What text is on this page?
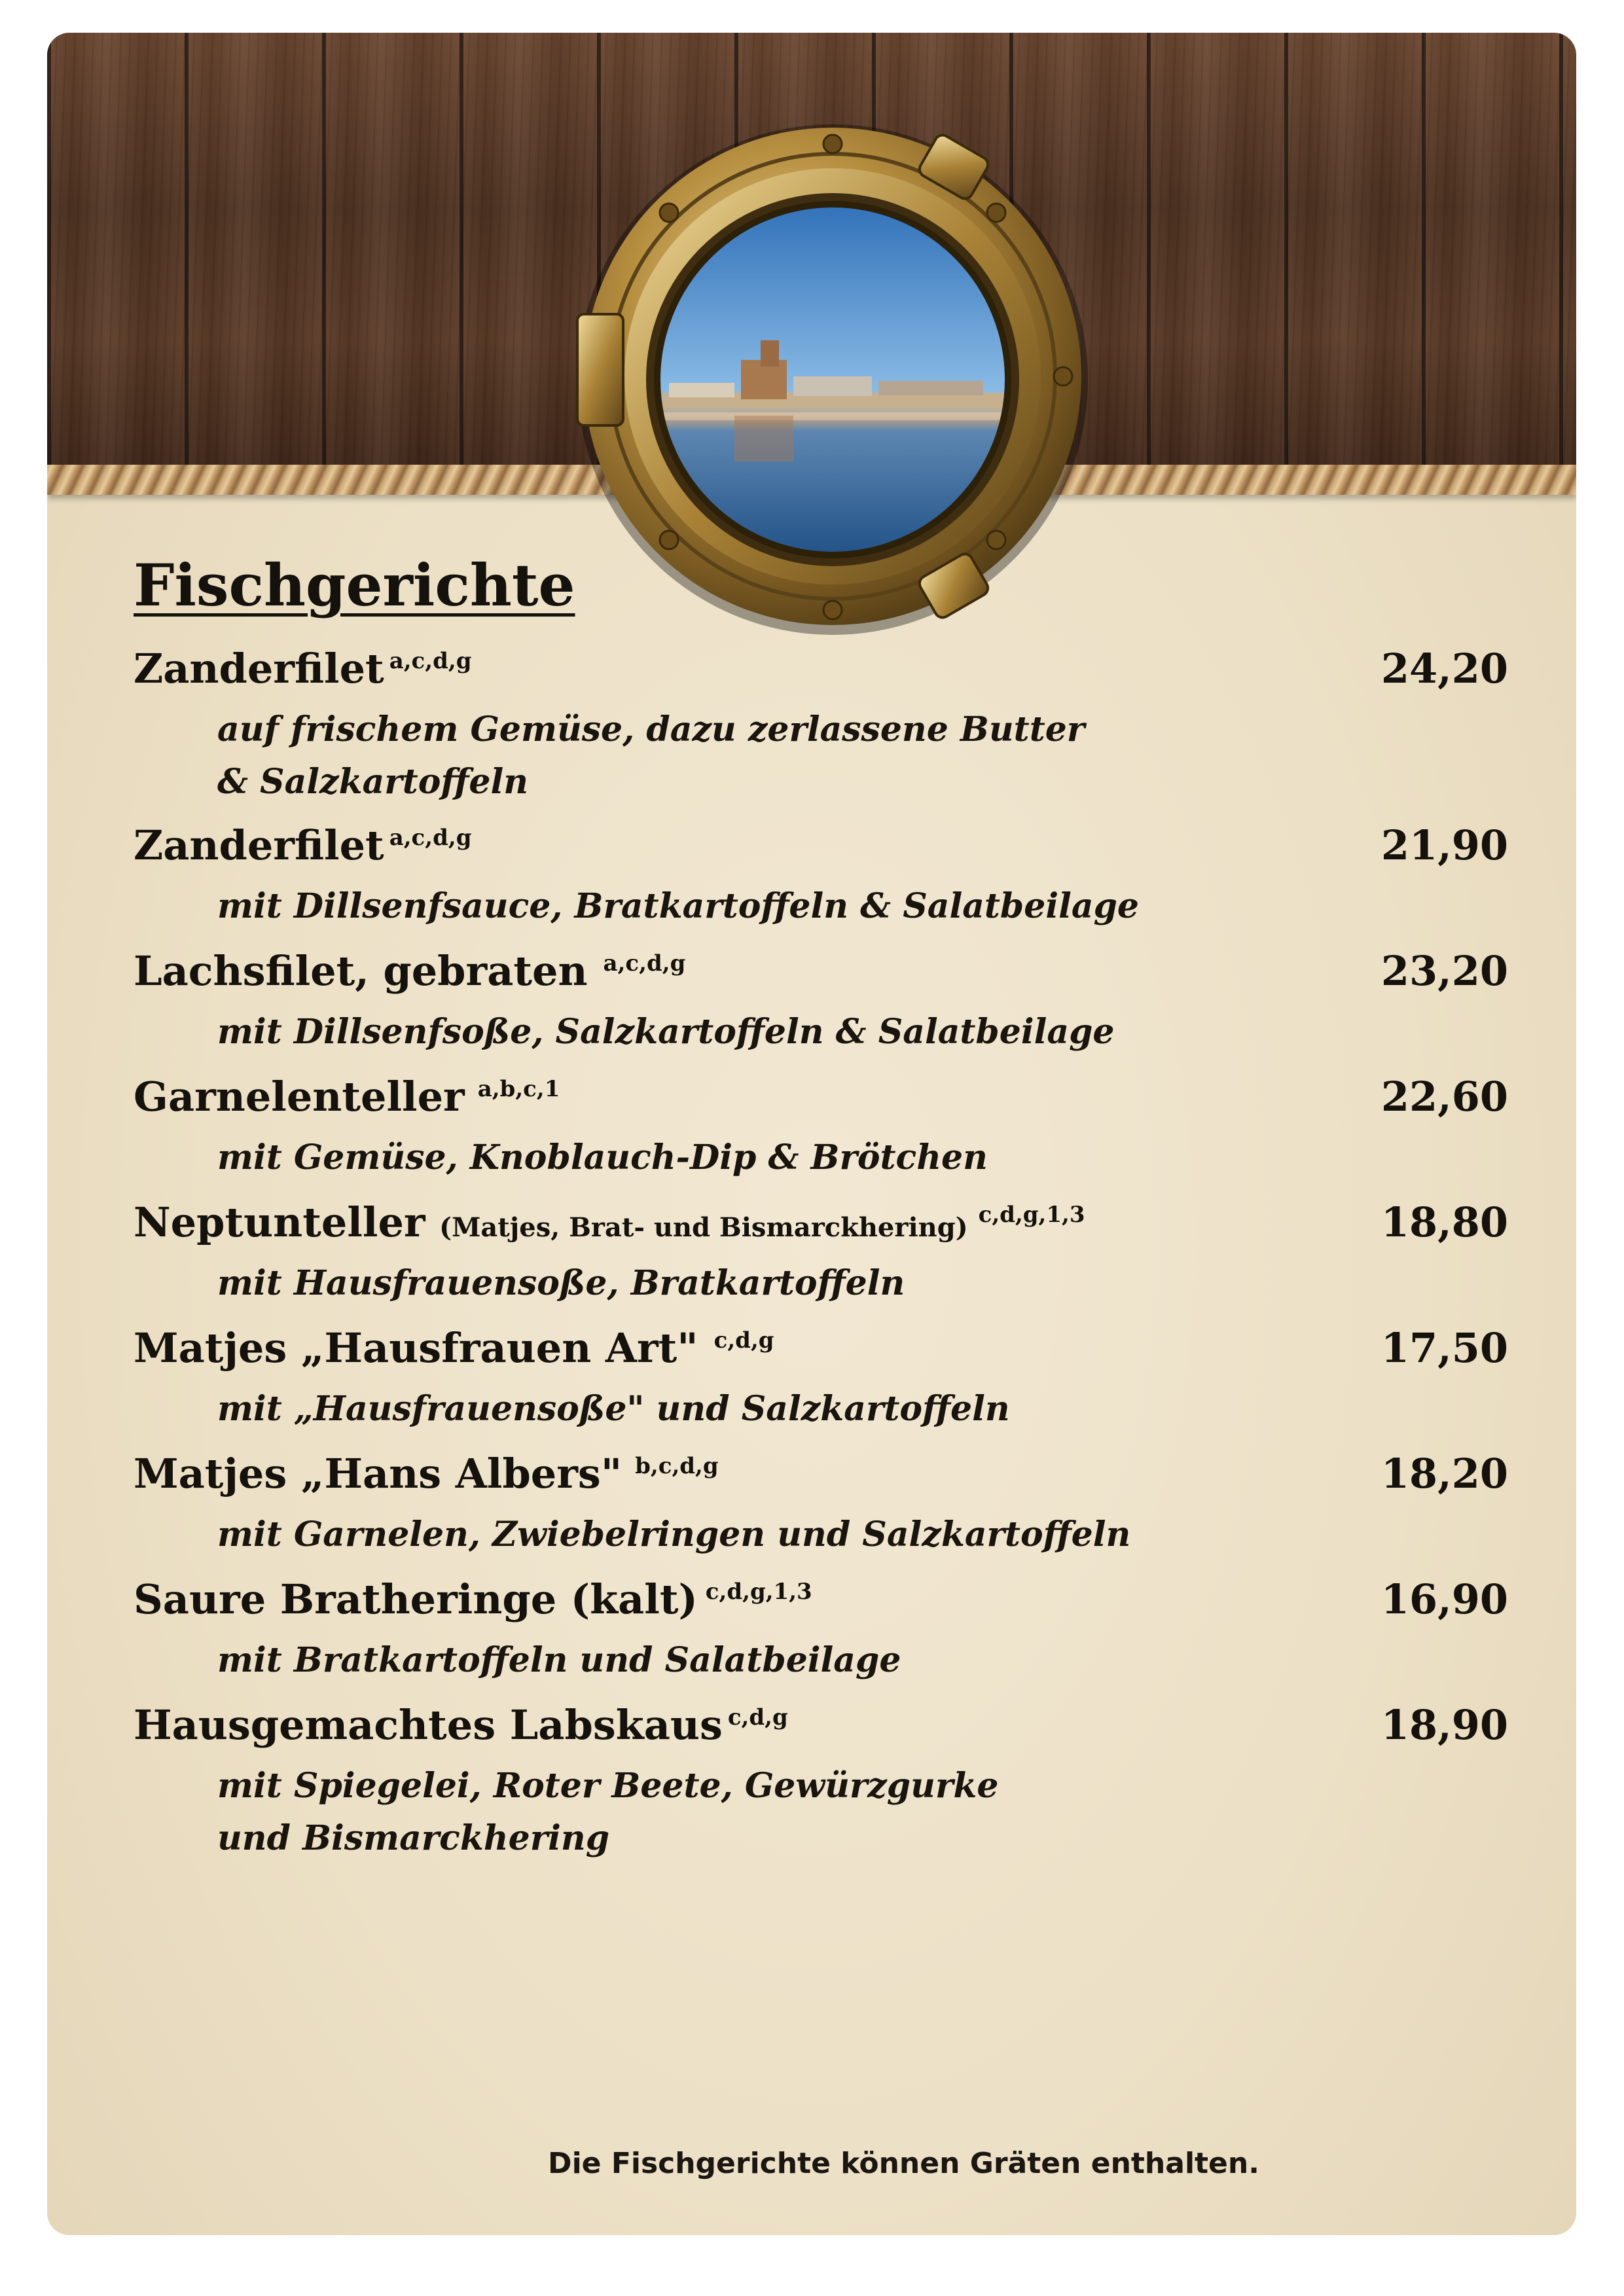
Fischgerichte
Zanderfilet $^{a,c,d,g}$	24,20
auf frischem Gemüse, dazu zerlassene Butter & Salzkartoffeln
Zanderfilet $^{a,c,d,g}$	21,90
mit Dillsenfsauce, Bratkartoffeln & Salatbeilage
Lachsfilet, gebraten $^{a,c,d,g}$	23,20
mit Dillsenfsoße, Salzkartoffeln & Salatbeilage
Garnelenteller $^{a,b,c,1}$	22,60
mit Gemüse, Knoblauch-Dip & Brötchen
Neptunteller (Matjes, Brat- und Bismarckhering) $^{c,d,g,1,3}$	18,80
mit Hausfrauensoße, Bratkartoffeln
Matjes „Hausfrauen Art" $^{c,d,g}$	17,50
mit „Hausfrauensoße" und Salzkartoffeln
Matjes „Hans Albers" $^{b,c,d,g}$	18,20
mit Garnelen, Zwiebelringen und Salzkartoffeln
Saure Bratheringe (kalt) $^{c,d,g,1,3}$	16,90
mit Bratkartoffeln und Salatbeilage
Hausgemachtes Labskaus $^{c,d,g}$	18,90
mit Spiegelei, Roter Beete, Gewürzgurke und Bismarckhering
Die Fischgerichte können Gräten enthalten.
